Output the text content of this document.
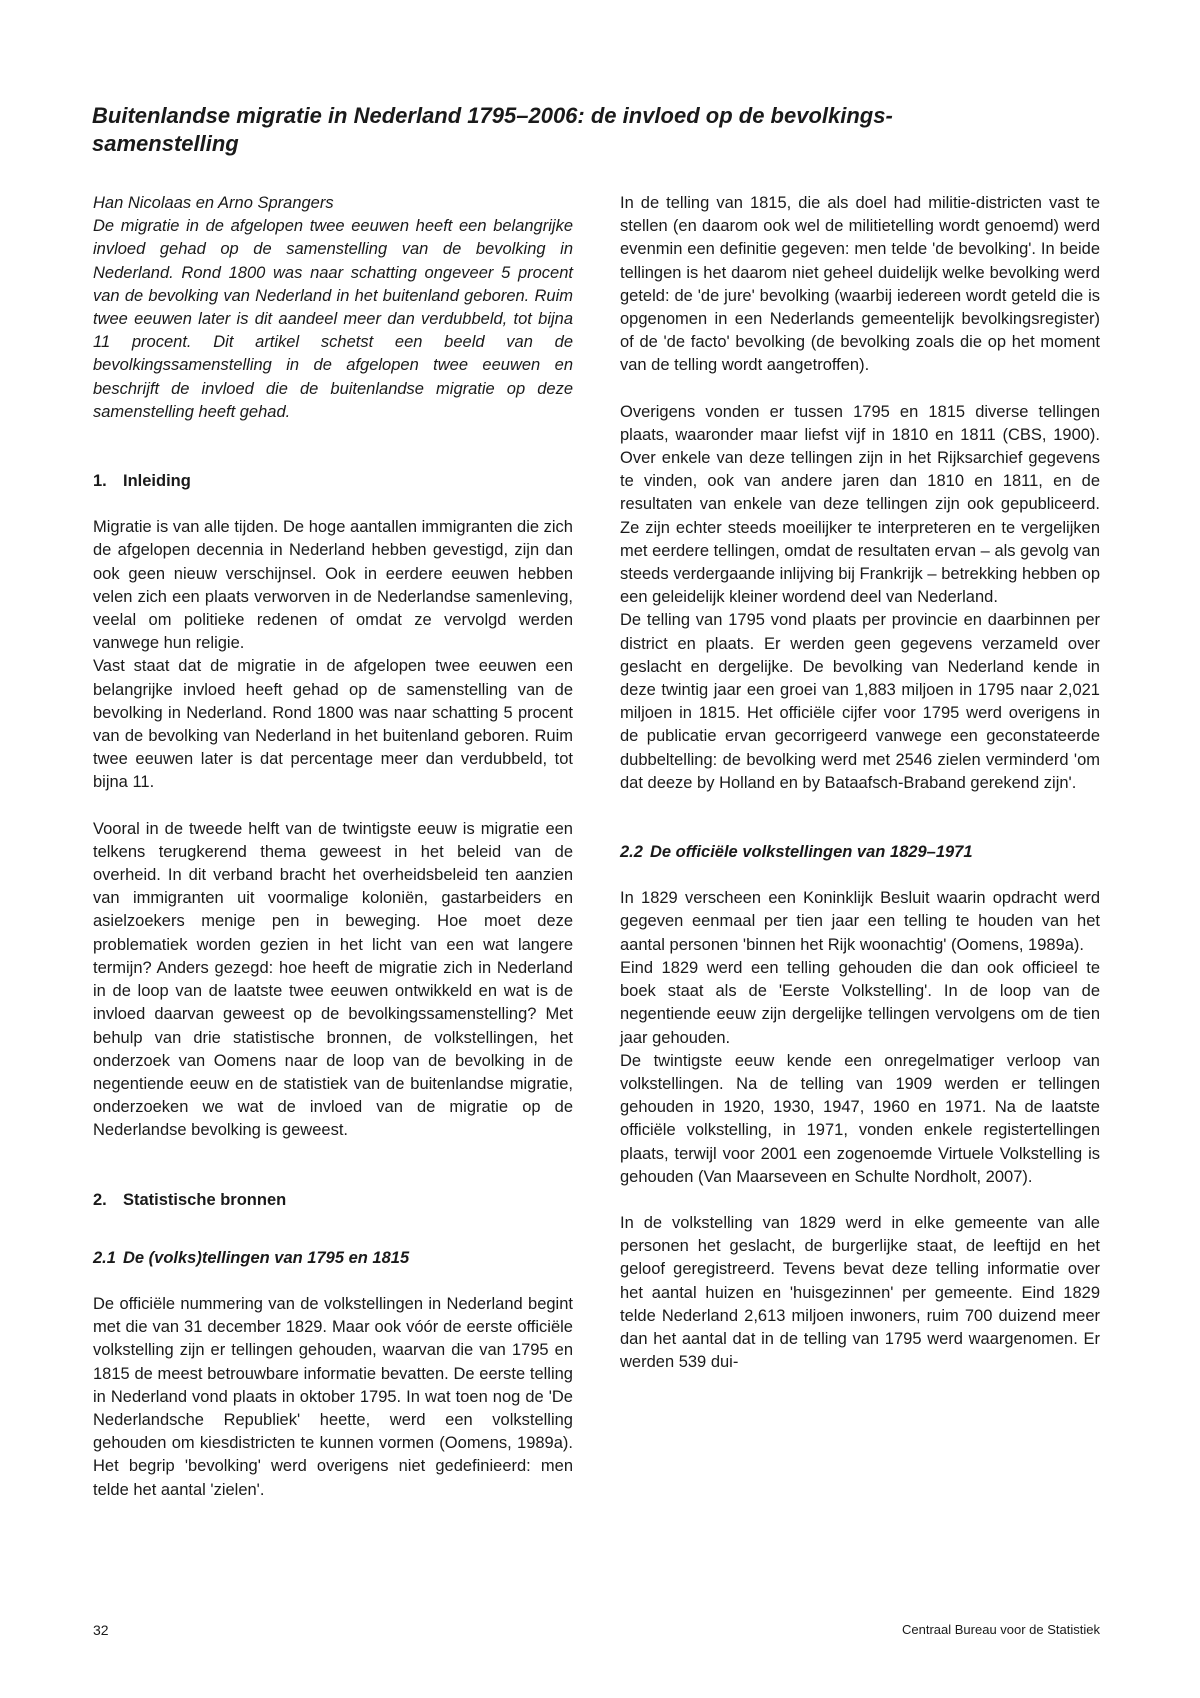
Buitenlandse migratie in Nederland 1795–2006: de invloed op de bevolkings-samenstelling

Han Nicolaas en Arno Sprangers

De migratie in de afgelopen twee eeuwen heeft een belangrijke invloed gehad op de samenstelling van de bevolking in Nederland. Rond 1800 was naar schatting ongeveer 5 procent van de bevolking van Nederland in het buitenland geboren. Ruim twee eeuwen later is dit aandeel meer dan verdubbeld, tot bijna 11 procent. Dit artikel schetst een beeld van de bevolkingssamenstelling in de afgelopen twee eeuwen en beschrijft de invloed die de buitenlandse migratie op deze samenstelling heeft gehad.

1. Inleiding

Migratie is van alle tijden. De hoge aantallen immigranten die zich de afgelopen decennia in Nederland hebben gevestigd, zijn dan ook geen nieuw verschijnsel. Ook in eerdere eeuwen hebben velen zich een plaats verworven in de Nederlandse samenleving, veelal om politieke redenen of omdat ze vervolgd werden vanwege hun religie.

Vast staat dat de migratie in de afgelopen twee eeuwen een belangrijke invloed heeft gehad op de samenstelling van de bevolking in Nederland. Rond 1800 was naar schatting 5 procent van de bevolking van Nederland in het buitenland geboren. Ruim twee eeuwen later is dat percentage meer dan verdubbeld, tot bijna 11.

Vooral in de tweede helft van de twintigste eeuw is migratie een telkens terugkerend thema geweest in het beleid van de overheid. In dit verband bracht het overheidsbeleid ten aanzien van immigranten uit voormalige koloniën, gastarbeiders en asielzoekers menige pen in beweging. Hoe moet deze problematiek worden gezien in het licht van een wat langere termijn? Anders gezegd: hoe heeft de migratie zich in Nederland in de loop van de laatste twee eeuwen ontwikkeld en wat is de invloed daarvan geweest op de bevolkingssamenstelling? Met behulp van drie statistische bronnen, de volkstellingen, het onderzoek van Oomens naar de loop van de bevolking in de negentiende eeuw en de statistiek van de buitenlandse migratie, onderzoeken we wat de invloed van de migratie op de Nederlandse bevolking is geweest.

2. Statistische bronnen
2.1 De (volks)tellingen van 1795 en 1815

De officiële nummering van de volkstellingen in Nederland begint met die van 31 december 1829. Maar ook vóór de eerste officiële volkstelling zijn er tellingen gehouden, waarvan die van 1795 en 1815 de meest betrouwbare informatie bevatten. De eerste telling in Nederland vond plaats in oktober 1795. In wat toen nog de 'De Nederlandsche Republiek' heette, werd een volkstelling gehouden om kiesdistricten te kunnen vormen (Oomens, 1989a). Het begrip 'bevolking' werd overigens niet gedefinieerd: men telde het aantal 'zielen'.

In de telling van 1815, die als doel had militie-districten vast te stellen (en daarom ook wel de militietelling wordt genoemd) werd evenmin een definitie gegeven: men telde 'de bevolking'. In beide tellingen is het daarom niet geheel duidelijk welke bevolking werd geteld: de 'de jure' bevolking (waarbij iedereen wordt geteld die is opgenomen in een Nederlands gemeentelijk bevolkingsregister) of de 'de facto' bevolking (de bevolking zoals die op het moment van de telling wordt aangetroffen).

Overigens vonden er tussen 1795 en 1815 diverse tellingen plaats, waaronder maar liefst vijf in 1810 en 1811 (CBS, 1900). Over enkele van deze tellingen zijn in het Rijksarchief gegevens te vinden, ook van andere jaren dan 1810 en 1811, en de resultaten van enkele van deze tellingen zijn ook gepubliceerd. Ze zijn echter steeds moeilijker te interpreteren en te vergelijken met eerdere tellingen, omdat de resultaten ervan – als gevolg van steeds verdergaande inlijving bij Frankrijk – betrekking hebben op een geleidelijk kleiner wordend deel van Nederland.

De telling van 1795 vond plaats per provincie en daarbinnen per district en plaats. Er werden geen gegevens verzameld over geslacht en dergelijke. De bevolking van Nederland kende in deze twintig jaar een groei van 1,883 miljoen in 1795 naar 2,021 miljoen in 1815. Het officiële cijfer voor 1795 werd overigens in de publicatie ervan gecorrigeerd vanwege een geconstateerde dubbeltelling: de bevolking werd met 2546 zielen verminderd 'om dat deeze by Holland en by Bataafsch-Braband gerekend zijn'.

2.2 De officiële volkstellingen van 1829–1971

In 1829 verscheen een Koninklijk Besluit waarin opdracht werd gegeven eenmaal per tien jaar een telling te houden van het aantal personen 'binnen het Rijk woonachtig' (Oomens, 1989a).

Eind 1829 werd een telling gehouden die dan ook officieel te boek staat als de 'Eerste Volkstelling'. In de loop van de negentiende eeuw zijn dergelijke tellingen vervolgens om de tien jaar gehouden.

De twintigste eeuw kende een onregelmatiger verloop van volkstellingen. Na de telling van 1909 werden er tellingen gehouden in 1920, 1930, 1947, 1960 en 1971. Na de laatste officiële volkstelling, in 1971, vonden enkele registertellingen plaats, terwijl voor 2001 een zogenoemde Virtuele Volkstelling is gehouden (Van Maarseveen en Schulte Nordholt, 2007).

In de volkstelling van 1829 werd in elke gemeente van alle personen het geslacht, de burgerlijke staat, de leeftijd en het geloof geregistreerd. Tevens bevat deze telling informatie over het aantal huizen en 'huisgezinnen' per gemeente. Eind 1829 telde Nederland 2,613 miljoen inwoners, ruim 700 duizend meer dan het aantal dat in de telling van 1795 werd waargenomen. Er werden 539 dui-

32	Centraal Bureau voor de Statistiek
